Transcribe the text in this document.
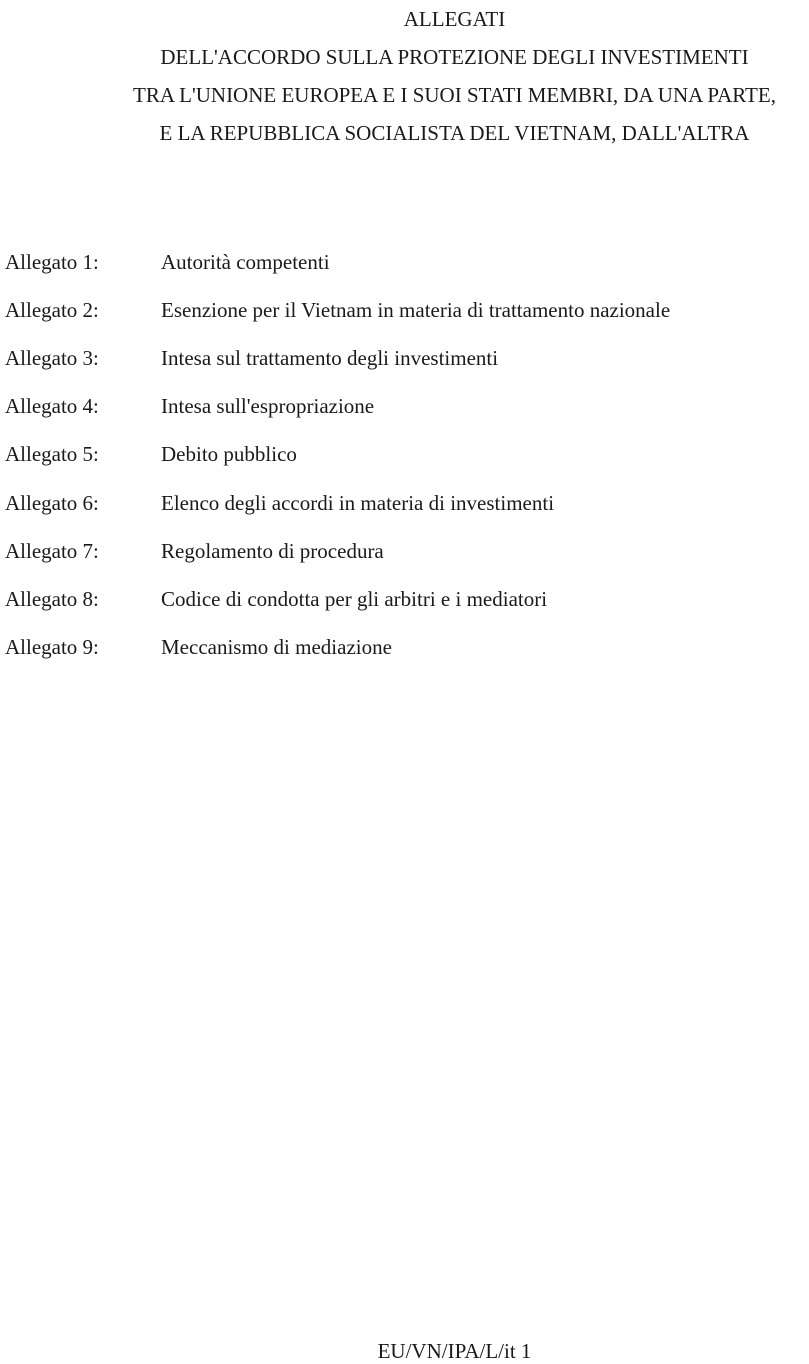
ALLEGATI
DELL'ACCORDO SULLA PROTEZIONE DEGLI INVESTIMENTI
TRA L'UNIONE EUROPEA E I SUOI STATI MEMBRI, DA UNA PARTE,
E LA REPUBBLICA SOCIALISTA DEL VIETNAM, DALL'ALTRA
Allegato 1:	Autorità competenti
Allegato 2:	Esenzione per il Vietnam in materia di trattamento nazionale
Allegato 3:	Intesa sul trattamento degli investimenti
Allegato 4:	Intesa sull'espropriazione
Allegato 5:	Debito pubblico
Allegato 6:	Elenco degli accordi in materia di investimenti
Allegato 7:	Regolamento di procedura
Allegato 8:	Codice di condotta per gli arbitri e i mediatori
Allegato 9:	Meccanismo di mediazione
EU/VN/IPA/L/it 1
